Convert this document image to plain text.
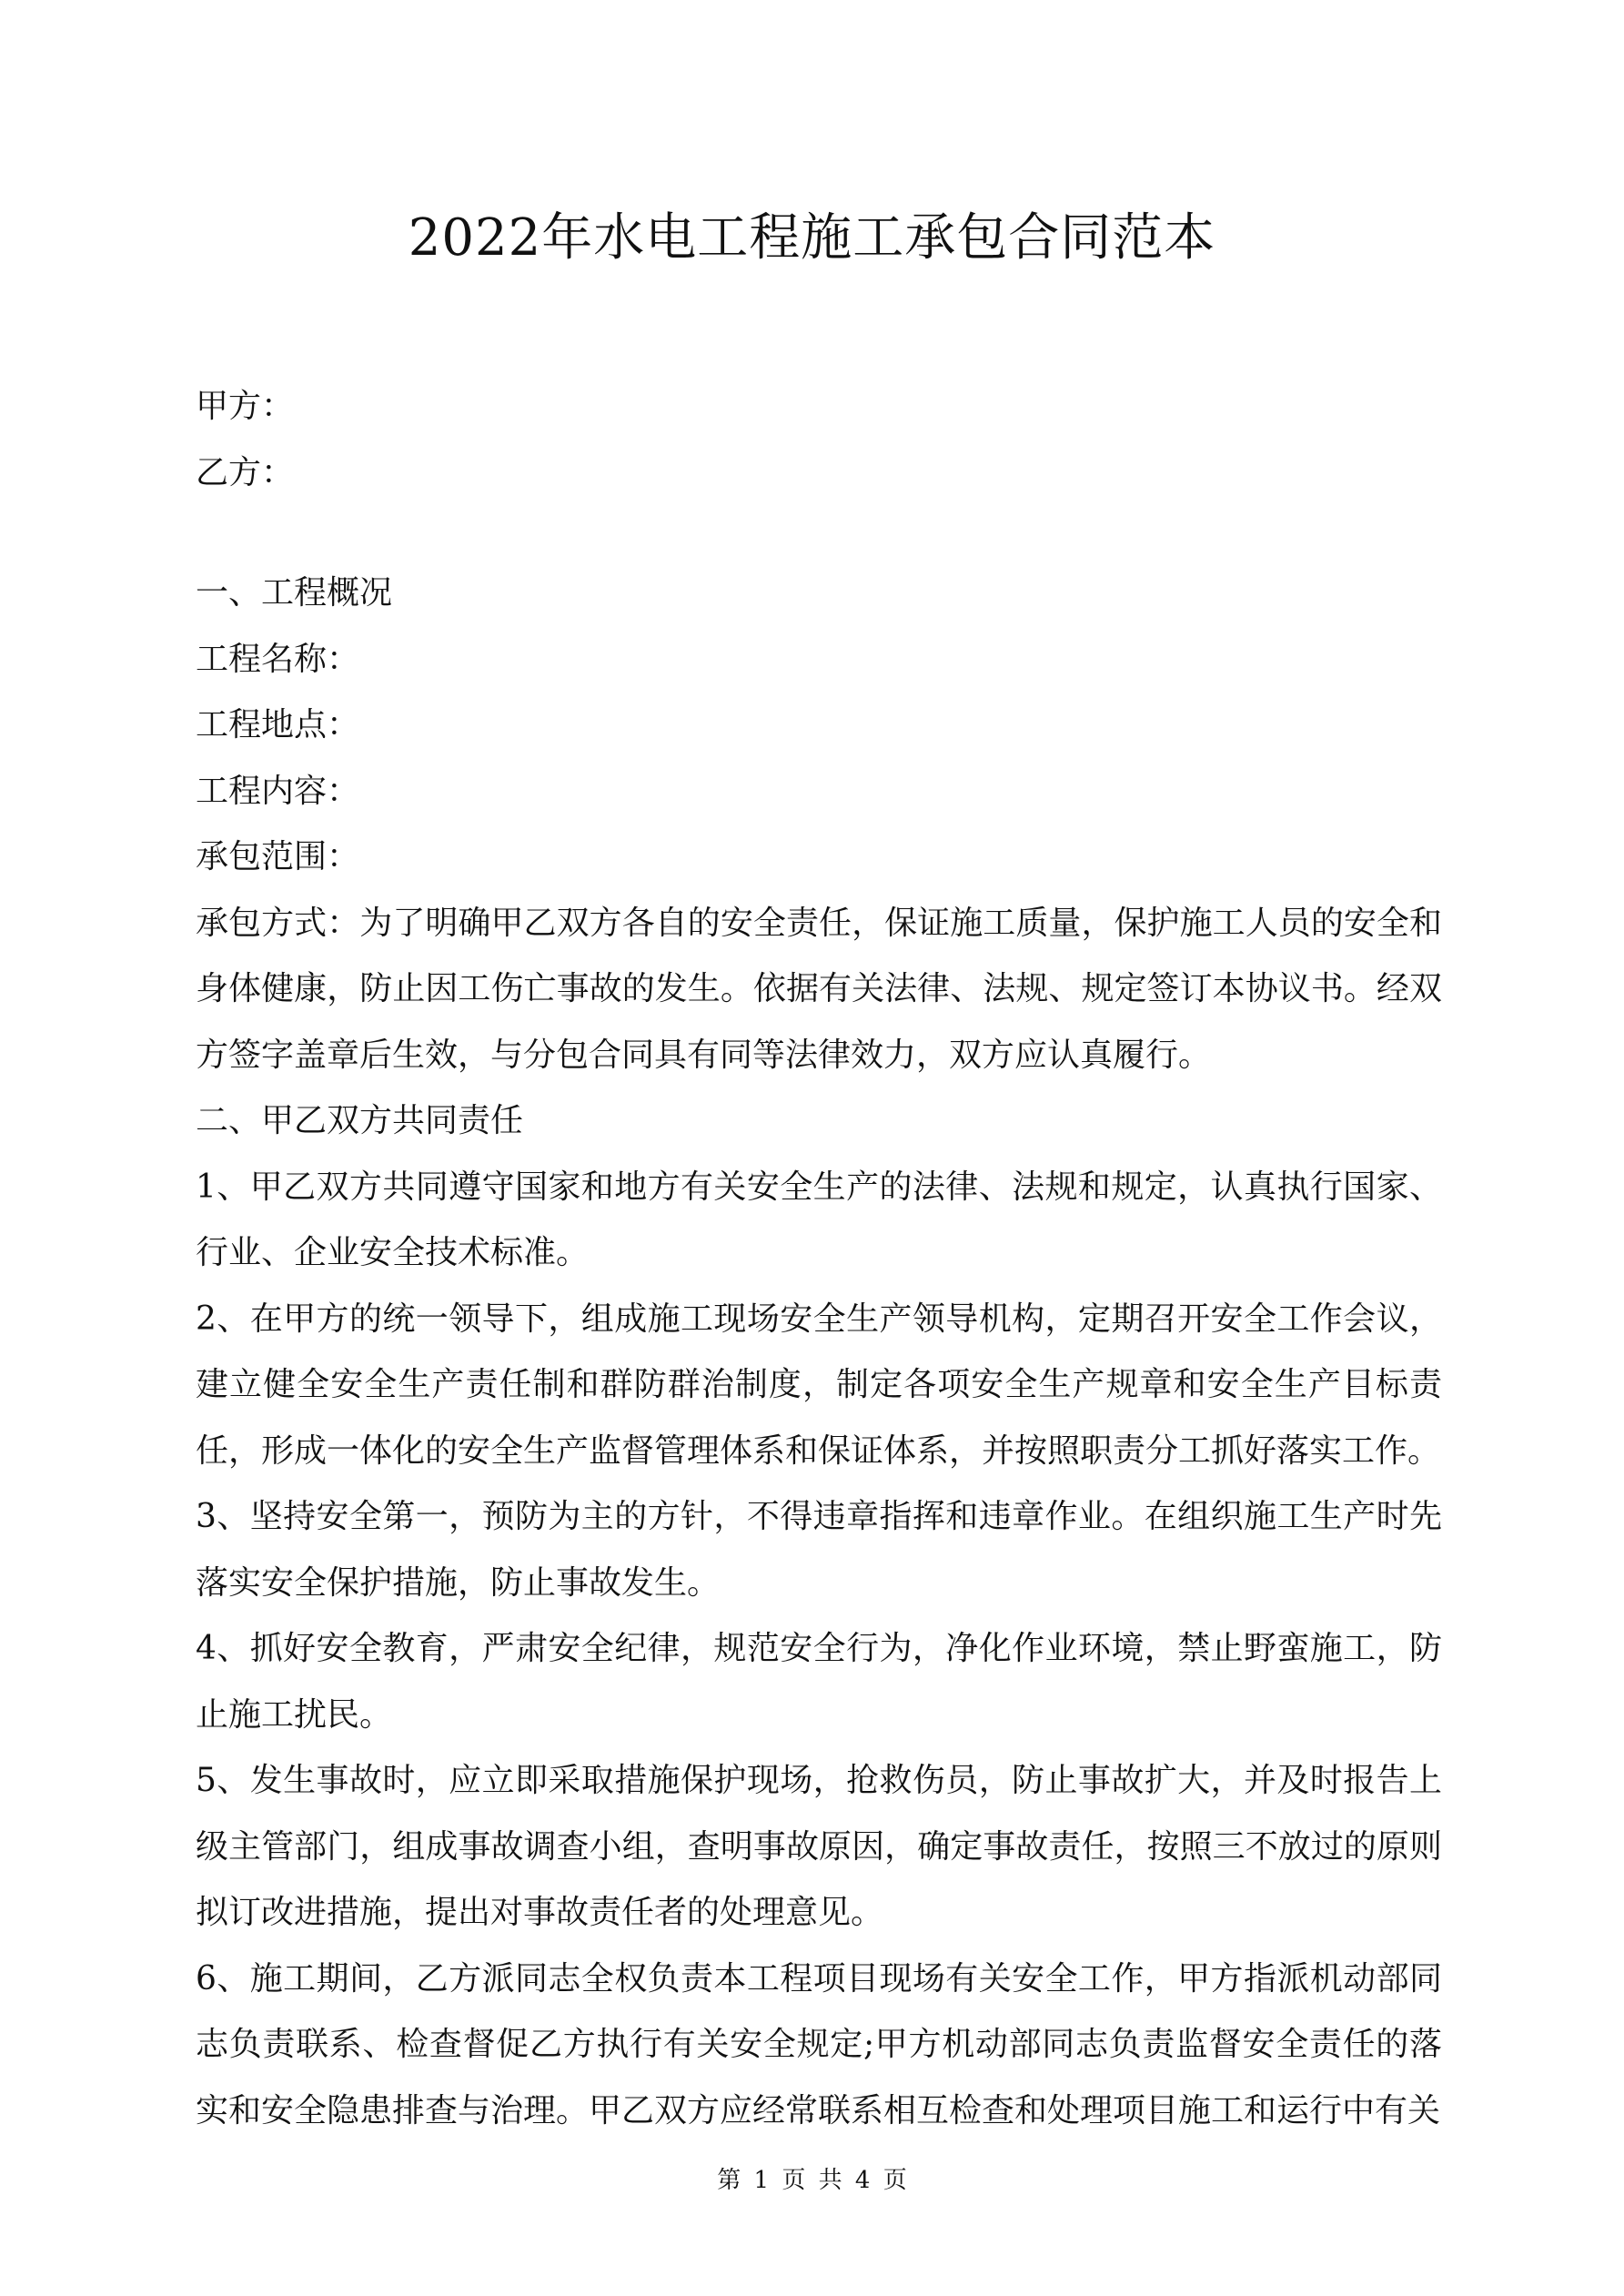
2022年水电工程施工承包合同范本

甲方：

乙方：

一、工程概况

工程名称：

工程地点：

工程内容：

承包范围：

承包方式：为了明确甲乙双方各自的安全责任，保证施工质量，保护施工人员的安全和身体健康，防止因工伤亡事故的发生。依据有关法律、法规、规定签订本协议书。经双方签字盖章后生效，与分包合同具有同等法律效力，双方应认真履行。

二、甲乙双方共同责任

1、甲乙双方共同遵守国家和地方有关安全生产的法律、法规和规定，认真执行国家、行业、企业安全技术标准。

2、在甲方的统一领导下，组成施工现场安全生产领导机构，定期召开安全工作会议，建立健全安全生产责任制和群防群治制度，制定各项安全生产规章和安全生产目标责任，形成一体化的安全生产监督管理体系和保证体系，并按照职责分工抓好落实工作。

3、坚持安全第一，预防为主的方针，不得违章指挥和违章作业。在组织施工生产时先落实安全保护措施，防止事故发生。

4、抓好安全教育，严肃安全纪律，规范安全行为，净化作业环境，禁止野蛮施工，防止施工扰民。

5、发生事故时，应立即采取措施保护现场，抢救伤员，防止事故扩大，并及时报告上级主管部门，组成事故调查小组，查明事故原因，确定事故责任，按照三不放过的原则拟订改进措施，提出对事故责任者的处理意见。

6、施工期间，乙方派同志全权负责本工程项目现场有关安全工作，甲方指派机动部同志负责联系、检查督促乙方执行有关安全规定;甲方机动部同志负责监督安全责任的落实和安全隐患排查与治理。甲乙双方应经常联系相互检查和处理项目施工和运行中有关

第 1 页 共 4 页
